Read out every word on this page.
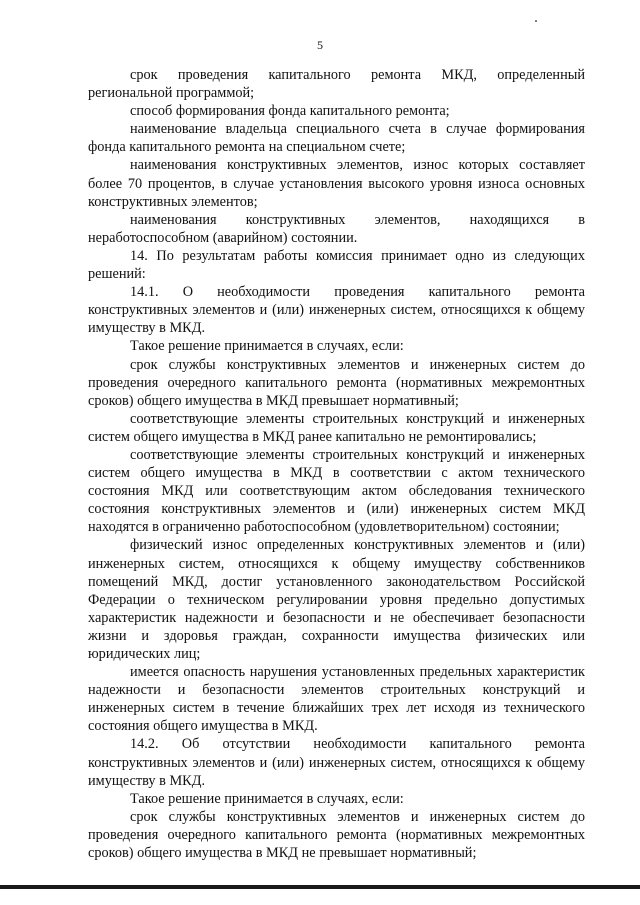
5

срок проведения капитального ремонта МКД, определенный региональной программой;

способ формирования фонда капитального ремонта;

наименование владельца специального счета в случае формирования фонда капитального ремонта на специальном счете;

наименования конструктивных элементов, износ которых составляет более 70 процентов, в случае установления высокого уровня износа основных конструктивных элементов;

наименования конструктивных элементов, находящихся в неработоспособном (аварийном) состоянии.

14. По результатам работы комиссия принимает одно из следующих решений:

14.1. О необходимости проведения капитального ремонта конструктивных элементов и (или) инженерных систем, относящихся к общему имуществу в МКД.

Такое решение принимается в случаях, если:

срок службы конструктивных элементов и инженерных систем до проведения очередного капитального ремонта (нормативных межремонтных сроков) общего имущества в МКД превышает нормативный;

соответствующие элементы строительных конструкций и инженерных систем общего имущества в МКД ранее капитально не ремонтировались;

соответствующие элементы строительных конструкций и инженерных систем общего имущества в МКД в соответствии с актом технического состояния МКД или соответствующим актом обследования технического состояния конструктивных элементов и (или) инженерных систем МКД находятся в ограниченно работоспособном (удовлетворительном) состоянии;

физический износ определенных конструктивных элементов и (или) инженерных систем, относящихся к общему имуществу собственников помещений МКД, достиг установленного законодательством Российской Федерации о техническом регулировании уровня предельно допустимых характеристик надежности и безопасности и не обеспечивает безопасности жизни и здоровья граждан, сохранности имущества физических или юридических лиц;

имеется опасность нарушения установленных предельных характеристик надежности и безопасности элементов строительных конструкций и инженерных систем в течение ближайших трех лет исходя из технического состояния общего имущества в МКД.

14.2. Об отсутствии необходимости капитального ремонта конструктивных элементов и (или) инженерных систем, относящихся к общему имуществу в МКД.

Такое решение принимается в случаях, если:

срок службы конструктивных элементов и инженерных систем до проведения очередного капитального ремонта (нормативных межремонтных сроков) общего имущества в МКД не превышает нормативный;
